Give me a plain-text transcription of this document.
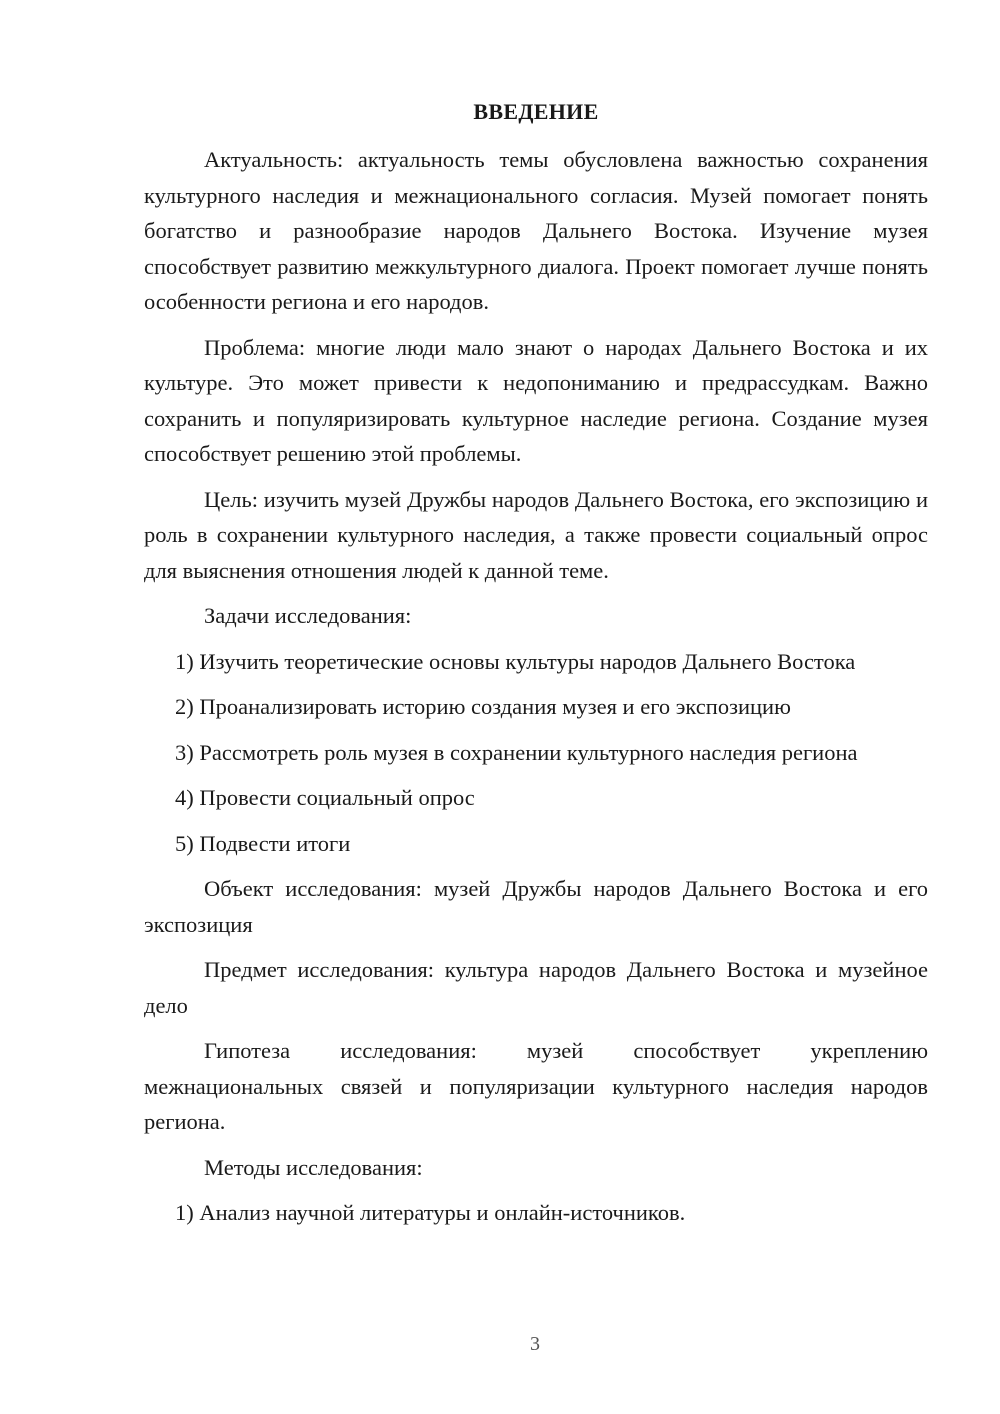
ВВЕДЕНИЕ

Актуальность: актуальность темы обусловлена важностью сохранения культурного наследия и межнационального согласия. Музей помогает понять богатство и разнообразие народов Дальнего Востока. Изучение музея способствует развитию межкультурного диалога. Проект помогает лучше понять особенности региона и его народов.

Проблема: многие люди мало знают о народах Дальнего Востока и их культуре. Это может привести к недопониманию и предрассудкам. Важно сохранить и популяризировать культурное наследие региона. Создание музея способствует решению этой проблемы.

Цель: изучить музей Дружбы народов Дальнего Востока, его экспозицию и роль в сохранении культурного наследия, а также провести социальный опрос для выяснения отношения людей к данной теме.

Задачи исследования:

1) Изучить теоретические основы культуры народов Дальнего Востока

2) Проанализировать историю создания музея и его экспозицию

3) Рассмотреть роль музея в сохранении культурного наследия региона

4) Провести социальный опрос

5) Подвести итоги

Объект исследования: музей Дружбы народов Дальнего Востока и его экспозиция

Предмет исследования: культура народов Дальнего Востока и музейное дело

Гипотеза исследования: музей способствует укреплению межнациональных связей и популяризации культурного наследия народов региона.

Методы исследования:

1) Анализ научной литературы и онлайн-источников.

3
